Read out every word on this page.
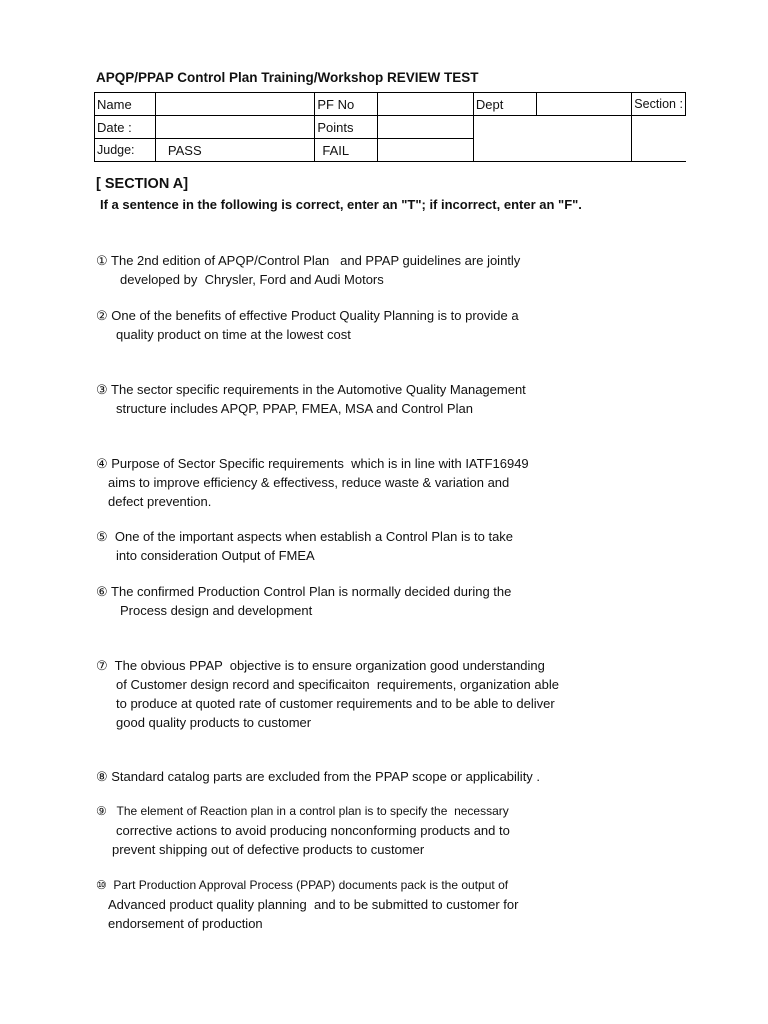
APQP/PPAP Control Plan Training/Workshop REVIEW TEST
Name		PF No		Dept		Section :
Date :		Points				
Judge:	PASS	FAIL				
[ SECTION A]

If a sentence in the following is correct, enter an "T"; if incorrect, enter an "F".

① The 2nd edition of APQP/Control Plan   and PPAP guidelines are jointly
developed by  Chrysler, Ford and Audi Motors
② One of the benefits of effective Product Quality Planning is to provide a
quality product on time at the lowest cost
③ The sector specific requirements in the Automotive Quality Management
structure includes APQP, PPAP, FMEA, MSA and Control Plan
④ Purpose of Sector Specific requirements  which is in line with IATF16949
aims to improve efficiency & effectivess, reduce waste & variation and
defect prevention.
⑤  One of the important aspects when establish a Control Plan is to take
into consideration Output of FMEA
⑥ The confirmed Production Control Plan is normally decided during the
Process design and development
⑦  The obvious PPAP  objective is to ensure organization good understanding
of Customer design record and specificaiton  requirements, organization able
to produce at quoted rate of customer requirements and to be able to deliver
good quality products to customer
⑧ Standard catalog parts are excluded from the PPAP scope or applicability .
⑨   The element of Reaction plan in a control plan is to specify the  necessary
corrective actions to avoid producing nonconforming products and to
prevent shipping out of defective products to customer
⑩  Part Production Approval Process (PPAP) documents pack is the output of
Advanced product quality planning  and to be submitted to customer for
endorsement of production
